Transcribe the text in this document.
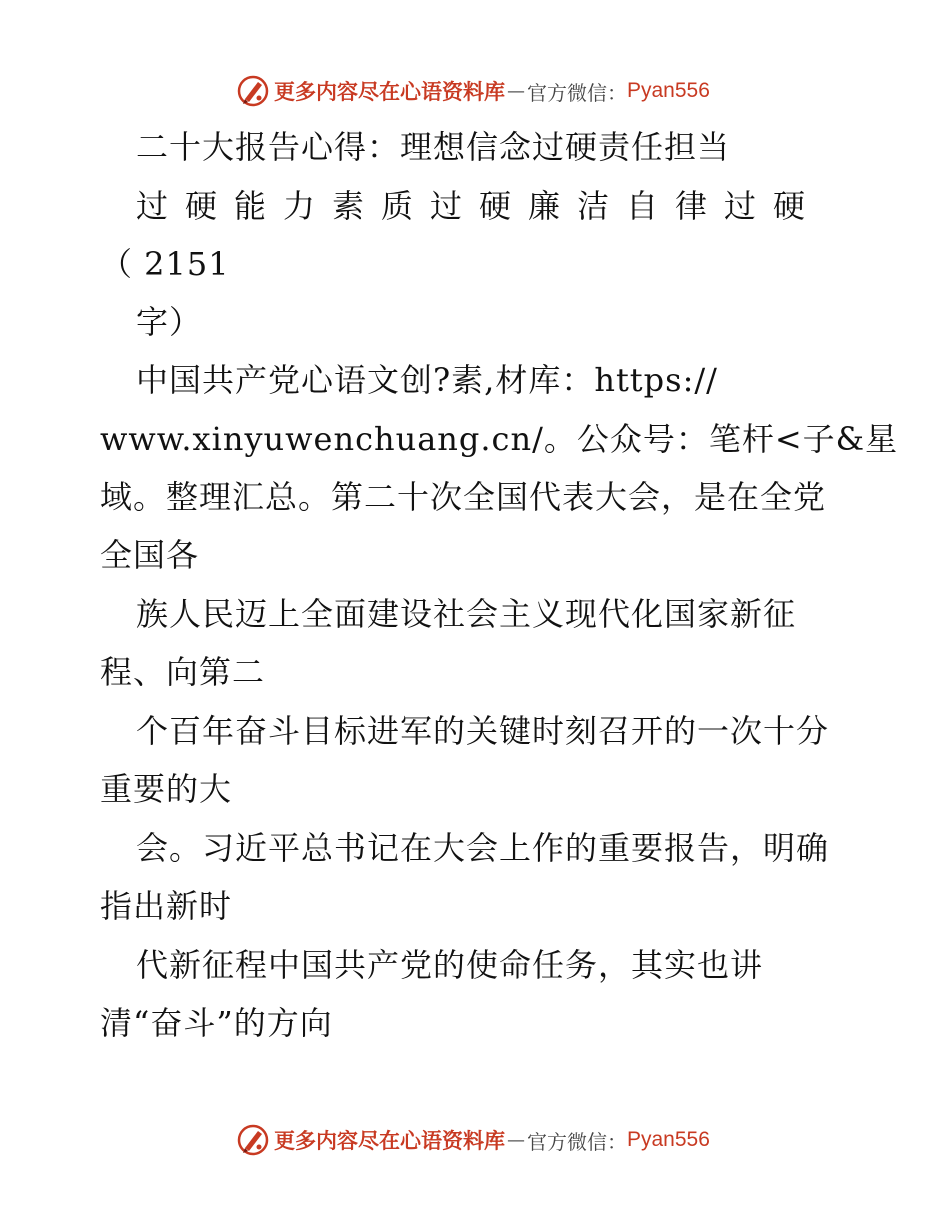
更多内容尽在心语资料库 — 官方微信： Pyan556
二十大报告心得：理想信念过硬责任担当
过硬能力素质过硬廉洁自律过硬
（ 2151
字）
中国共产党心语文创?素,材库：https://
www.xinyuwenchuang.cn/。公众号：笔杆<子&星
域。整理汇总。第二十次全国代表大会，是在全党
全国各
族人民迈上全面建设社会主义现代化国家新征
程、向第二
个百年奋斗目标进军的关键时刻召开的一次十分
重要的大
会。习近平总书记在大会上作的重要报告，明确
指出新时
代新征程中国共产党的使命任务，其实也讲
清“奋斗”的方向
更多内容尽在心语资料库 — 官方微信： Pyan556
